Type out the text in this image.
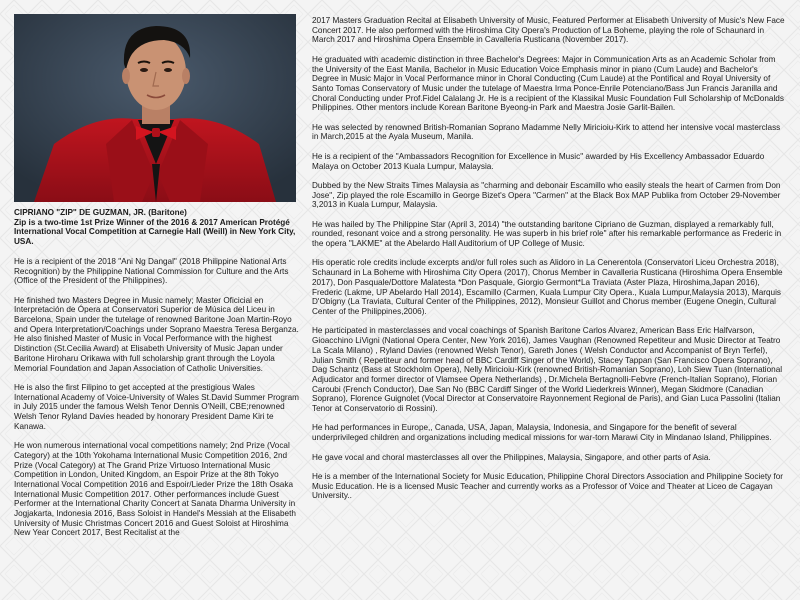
CIPRIANO "ZIP" DE GUZMAN, JR. (Baritone)
Zip is a two-time 1st Prize Winner of the 2016 & 2017 American Protégé International Vocal Competition at Carnegie Hall (Weill) in New York City, USA.

He is a recipient of the 2018 "Ani Ng Dangal" (2018 Philippine National Arts Recognition) by the Philippine National Commission for Culture and the Arts (Office of the President of the Philippines).

He finished two Masters Degree in Music namely; Master Oficicial en Interpretación de Ópera at Conservatori Superior de Música del Liceu in Barcelona, Spain under the tutelage of renowned Baritone Joan Martin-Royo and Opera Interpretation/Coachings under Soprano Maestra Teresa Berganza. He also finished Master of Music in Vocal Performance with the highest Distinction (St.Cecilia Award) at Elisabeth University of Music Japan under Baritone Hiroharu Orikawa with full scholarship grant through the Loyola Memorial Foundation and Japan Association of Catholic Universities.

He is also the first Filipino to get accepted at the prestigious Wales International Academy of Voice-University of Wales St.David Summer Program in July 2015 under the famous Welsh Tenor Dennis O'Neill, CBE;renowned Welsh Tenor Ryland Davies headed by honorary President Dame Kiri te Kanawa.

He won numerous international vocal competitions namely; 2nd Prize (Vocal Category) at the 10th Yokohama International Music Competition 2016, 2nd Prize (Vocal Category) at The Grand Prize Virtuoso International Music Competition in London, United Kingdom, an Espoir Prize at the 8th Tokyo International Vocal Competition 2016 and Espoir/Lieder Prize the 18th Osaka International Music Competition 2017. Other performances include Guest Performer at the International Charity Concert at Sanata Dharma University in Jogjakarta, Indonesia 2016, Bass Soloist in Handel's Messiah at the Elisabeth University of Music Christmas Concert 2016 and Guest Soloist at Hiroshima New Year Concert 2017, Best Recitalist at the

2017 Masters Graduation Recital at Elisabeth University of Music, Featured Performer at Elisabeth University of Music's New Face Concert 2017. He also performed with the Hiroshima City Opera's Production of La Boheme, playing the role of Schaunard in March 2017 and Hiroshima Opera Ensemble in Cavalleria Rusticana (November 2017).

He graduated with academic distinction in three Bachelor's Degrees: Major in Communication Arts as an Academic Scholar from the University of the East Manila, Bachelor in Music Education Voice Emphasis minor in piano (Cum Laude) and Bachelor's Degree in Music Major in Vocal Performance minor in Choral Conducting (Cum Laude) at the Pontifical and Royal University of Santo Tomas Conservatory of Music under the tutelage of Maestra Irma Ponce-Enrile Potenciano/Bass Jun Francis Jaranilla and Choral Conducting under Prof.Fidel Calalang Jr. He is a recipient of the Klassikal Music Foundation Full Scholarship of McDonalds Philippines. Other mentors include Korean Baritone Byeong-in Park and Maestra Josie Garlit-Bailen.

He was selected by renowned British-Romanian Soprano Madamme Nelly Miricioiu-Kirk to attend her intensive vocal masterclass in March,2015 at the Ayala Museum, Manila.

He is a recipient of the "Ambassadors Recognition for Excellence in Music" awarded by His Excellency Ambassador Eduardo Malaya on October 2013 Kuala Lumpur, Malaysia.

Dubbed by the New Straits Times Malaysia as "charming and debonair Escamillo who easily steals the heart of Carmen from Don Jose", Zip played the role Escamillo in George Bizet's Opera "Carmen" at the Black Box MAP Publika from October 29-November 3,2013 in Kuala Lumpur, Malaysia.

He was hailed by The Philippine Star (April 3, 2014) "the outstanding baritone Cipriano de Guzman, displayed a remarkably full, rounded, resonant voice and a strong personality. He was superb in his brief role" after his remarkable performance as Frederic in the opera "LAKME" at the Abelardo Hall Auditorium of UP College of Music.

His operatic role credits include excerpts and/or full roles such as Alidoro in La Cenerentola (Conservatori Liceu Orchestra 2018), Schaunard in La Boheme with Hiroshima City Opera (2017), Chorus Member in Cavalleria Rusticana (Hiroshima Opera Ensemble 2017), Don Pasquale/Dottore Malatesta *Don Pasquale, Giorgio Germont*La Traviata (Aster Plaza, Hiroshima,Japan 2016), Frederic (Lakme, UP Abelardo Hall 2014), Escamillo (Carmen, Kuala Lumpur City Opera., Kuala Lumpur,Malaysia 2013), Marquis D'Obigny (La Traviata, Cultural Center of the Philippines, 2012), Monsieur Guillot and Chorus member (Eugene Onegin, Cultural Center of the Philippines,2006).

He participated in masterclasses and vocal coachings of Spanish Baritone Carlos Alvarez, American Bass Eric Halfvarson, Gioacchino LiVigni (National Opera Center, New York 2016), James Vaughan (Renowned Repetiteur and Music Director at Teatro La Scala Milano) , Ryland Davies (renowned Welsh Tenor), Gareth Jones ( Welsh Conductor and Accompanist of Bryn Terfel), Julian Smith ( Repetiteur and former head of BBC Cardiff Singer of the World), Stacey Tappan (San Francisco Opera Soprano), Dag Schantz (Bass at Stockholm Opera), Nelly Miricioiu-Kirk (renowned British-Romanian Soprano), Loh Siew Tuan (International Adjudicator and former director of Vlamsee Opera Netherlands) , Dr.Michela Bertagnolli-Febvre (French-Italian Soprano), Florian Caroubi (French Conductor), Dae San No (BBC Cardiff Singer of the World Liederkreis Winner), Megan Skidmore (Canadian Soprano), Florence Guignolet (Vocal Director at Conservatoire Rayonnement Regional de Paris), and Gian Luca Passolini (Italian Tenor at Conservatorio di Rossini).

He had performances in Europe,, Canada, USA, Japan, Malaysia, Indonesia, and Singapore for the benefit of several underprivileged children and organizations including medical missions for war-torn Marawi City in Mindanao Island, Philippines.

He gave vocal and choral masterclasses all over the Philippines, Malaysia, Singapore, and other parts of Asia.

He is a member of the International Society for Music Education, Philippine Choral Directors Association and Philippine Society for Music Education. He is a licensed Music Teacher and currently works as a Professor of Voice and Theater at Liceo de Cagayan University..
